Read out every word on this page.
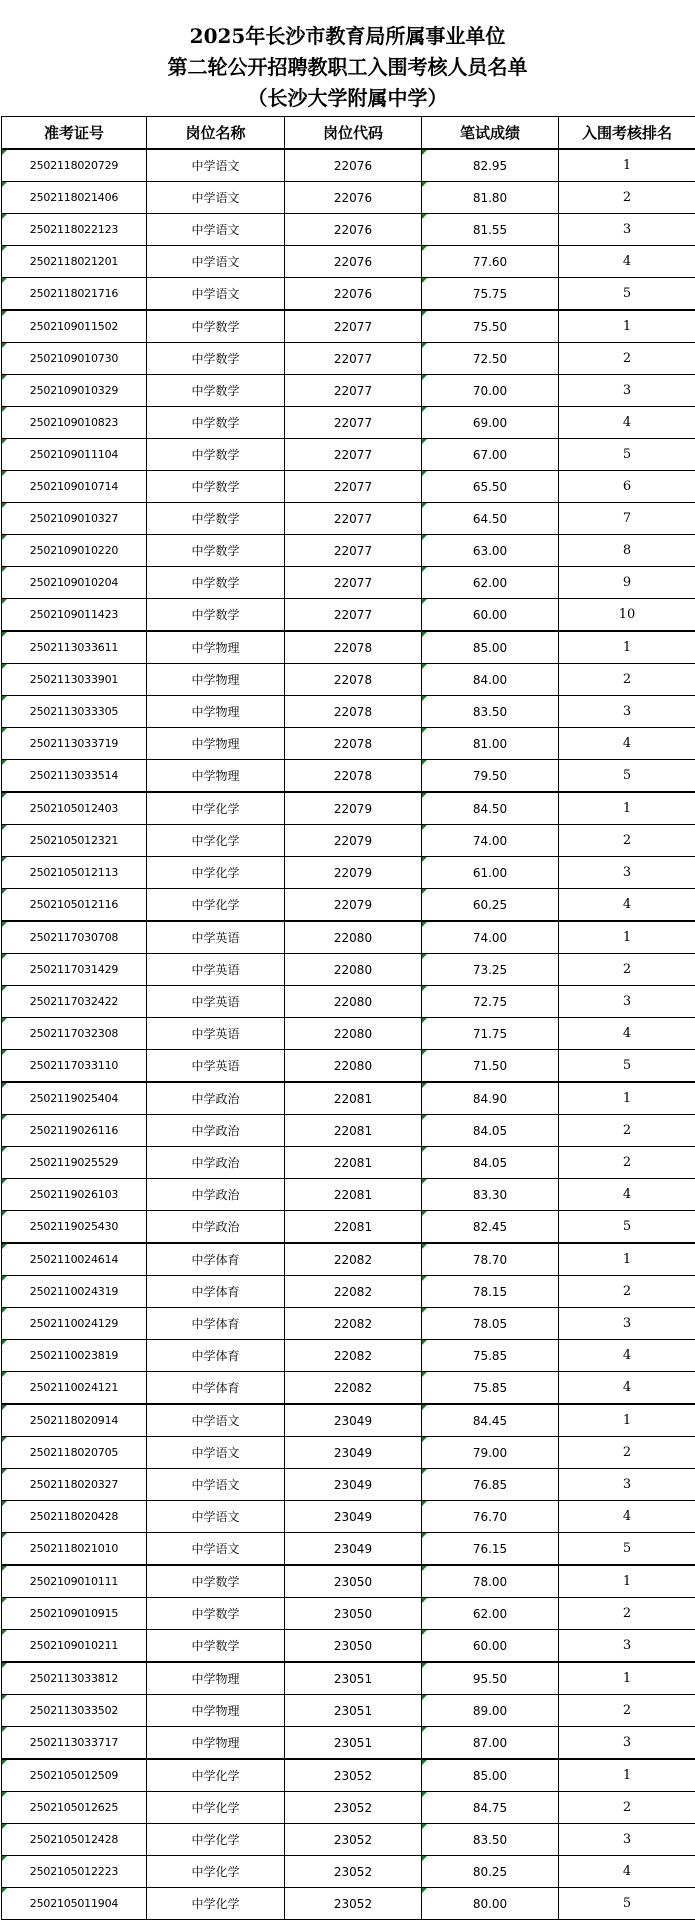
2025年长沙市教育局所属事业单位
第二轮公开招聘教职工入围考核人员名单
（长沙大学附属中学）
准考证号	岗位名称	岗位代码	笔试成绩	入围考核排名
2502118020729	中学语文	22076	82.95	1
2502118021406	中学语文	22076	81.80	2
2502118022123	中学语文	22076	81.55	3
2502118021201	中学语文	22076	77.60	4
2502118021716	中学语文	22076	75.75	5
2502109011502	中学数学	22077	75.50	1
2502109010730	中学数学	22077	72.50	2
2502109010329	中学数学	22077	70.00	3
2502109010823	中学数学	22077	69.00	4
2502109011104	中学数学	22077	67.00	5
2502109010714	中学数学	22077	65.50	6
2502109010327	中学数学	22077	64.50	7
2502109010220	中学数学	22077	63.00	8
2502109010204	中学数学	22077	62.00	9
2502109011423	中学数学	22077	60.00	10
2502113033611	中学物理	22078	85.00	1
2502113033901	中学物理	22078	84.00	2
2502113033305	中学物理	22078	83.50	3
2502113033719	中学物理	22078	81.00	4
2502113033514	中学物理	22078	79.50	5
2502105012403	中学化学	22079	84.50	1
2502105012321	中学化学	22079	74.00	2
2502105012113	中学化学	22079	61.00	3
2502105012116	中学化学	22079	60.25	4
2502117030708	中学英语	22080	74.00	1
2502117031429	中学英语	22080	73.25	2
2502117032422	中学英语	22080	72.75	3
2502117032308	中学英语	22080	71.75	4
2502117033110	中学英语	22080	71.50	5
2502119025404	中学政治	22081	84.90	1
2502119026116	中学政治	22081	84.05	2
2502119025529	中学政治	22081	84.05	2
2502119026103	中学政治	22081	83.30	4
2502119025430	中学政治	22081	82.45	5
2502110024614	中学体育	22082	78.70	1
2502110024319	中学体育	22082	78.15	2
2502110024129	中学体育	22082	78.05	3
2502110023819	中学体育	22082	75.85	4
2502110024121	中学体育	22082	75.85	4
2502118020914	中学语文	23049	84.45	1
2502118020705	中学语文	23049	79.00	2
2502118020327	中学语文	23049	76.85	3
2502118020428	中学语文	23049	76.70	4
2502118021010	中学语文	23049	76.15	5
2502109010111	中学数学	23050	78.00	1
2502109010915	中学数学	23050	62.00	2
2502109010211	中学数学	23050	60.00	3
2502113033812	中学物理	23051	95.50	1
2502113033502	中学物理	23051	89.00	2
2502113033717	中学物理	23051	87.00	3
2502105012509	中学化学	23052	85.00	1
2502105012625	中学化学	23052	84.75	2
2502105012428	中学化学	23052	83.50	3
2502105012223	中学化学	23052	80.25	4
2502105011904	中学化学	23052	80.00	5
